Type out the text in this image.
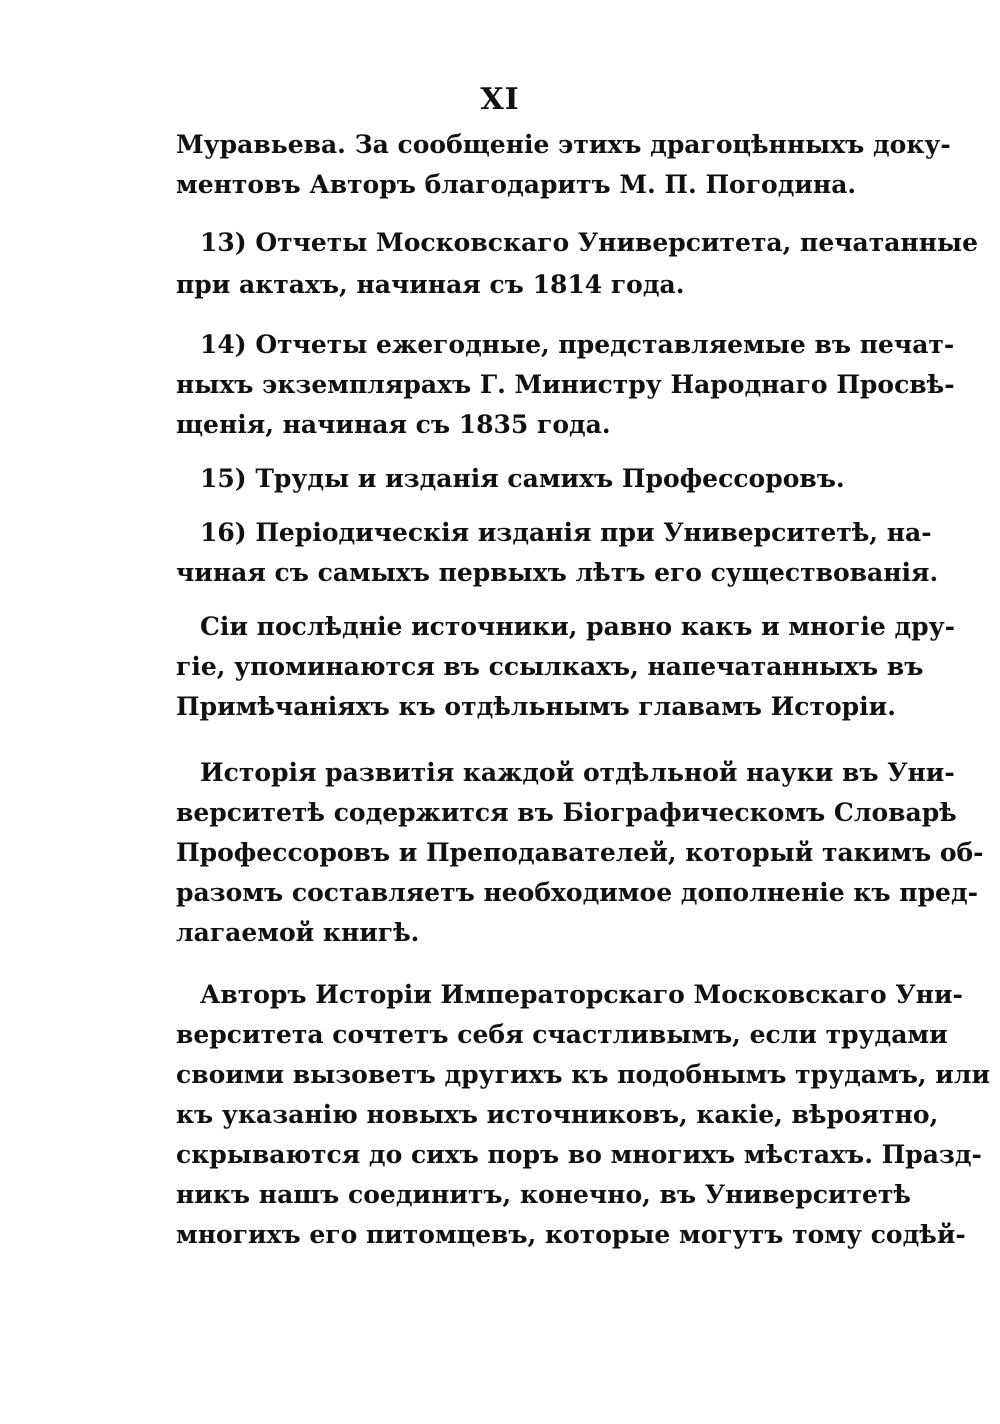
XI
Муравьева. За сообщеніе этихъ драгоцѣнныхъ доку-
ментовъ Авторъ благодаритъ М. П. Погодина.
13) Отчеты Московскаго Университета, печатанные
при актахъ, начиная съ 1814 года.
14) Отчеты ежегодные, представляемые въ печат-
ныхъ экземплярахъ Г. Министру Народнаго Просвѣ-
щенія, начиная съ 1835 года.
15) Труды и изданія самихъ Профессоровъ.
16) Періодическія изданія при Университетѣ, на-
чиная съ самыхъ первыхъ лѣтъ его существованія.
Сіи послѣдніе источники, равно какъ и многіе дру-
гіе, упоминаются въ ссылкахъ, напечатанныхъ въ
Примѣчаніяхъ къ отдѣльнымъ главамъ Исторіи.
Исторія развитія каждой отдѣльной науки въ Уни-
верситетѣ содержится въ Біографическомъ Словарѣ
Профессоровъ и Преподавателей, который такимъ об-
разомъ составляетъ необходимое дополненіе къ пред-
лагаемой книгѣ.
Авторъ Исторіи Императорскаго Московскаго Уни-
верситета сочтетъ себя счастливымъ, если трудами
своими вызоветъ другихъ къ подобнымъ трудамъ, или
къ указанію новыхъ источниковъ, какіе, вѣроятно,
скрываются до сихъ поръ во многихъ мѣстахъ. Празд-
никъ нашъ соединитъ, конечно, въ Университетѣ
многихъ его питомцевъ, которые могутъ тому содѣй-
